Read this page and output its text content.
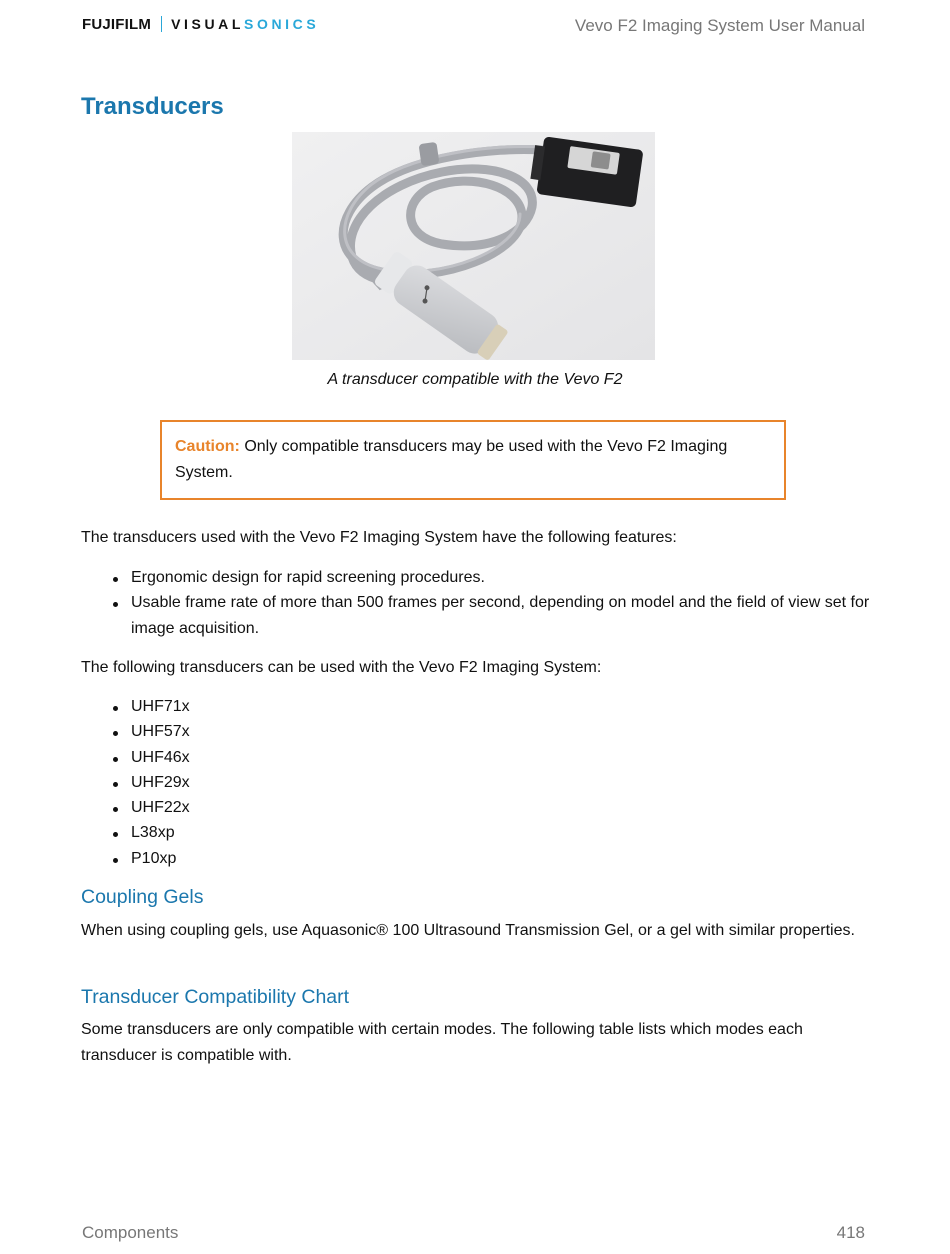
FUJIFILM VISUAL SONICS	Vevo F2 Imaging System User Manual
Transducers
A transducer compatible with the Vevo F2
Caution: Only compatible transducers may be used with the Vevo F2 Imaging System.

The transducers used with the Vevo F2 Imaging System have the following features:

Ergonomic design for rapid screening procedures.
Usable frame rate of more than 500 frames per second, depending on model and the field of view set for image acquisition.

The following transducers can be used with the Vevo F2 Imaging System:

UHF71x
UHF57x
UHF46x
UHF29x
UHF22x
L38xp
P10xp
Coupling Gels

When using coupling gels, use Aquasonic® 100 Ultrasound Transmission Gel, or a gel with similar properties.

Transducer Compatibility Chart

Some transducers are only compatible with certain modes. The following table lists which modes each transducer is compatible with.

Components	418
